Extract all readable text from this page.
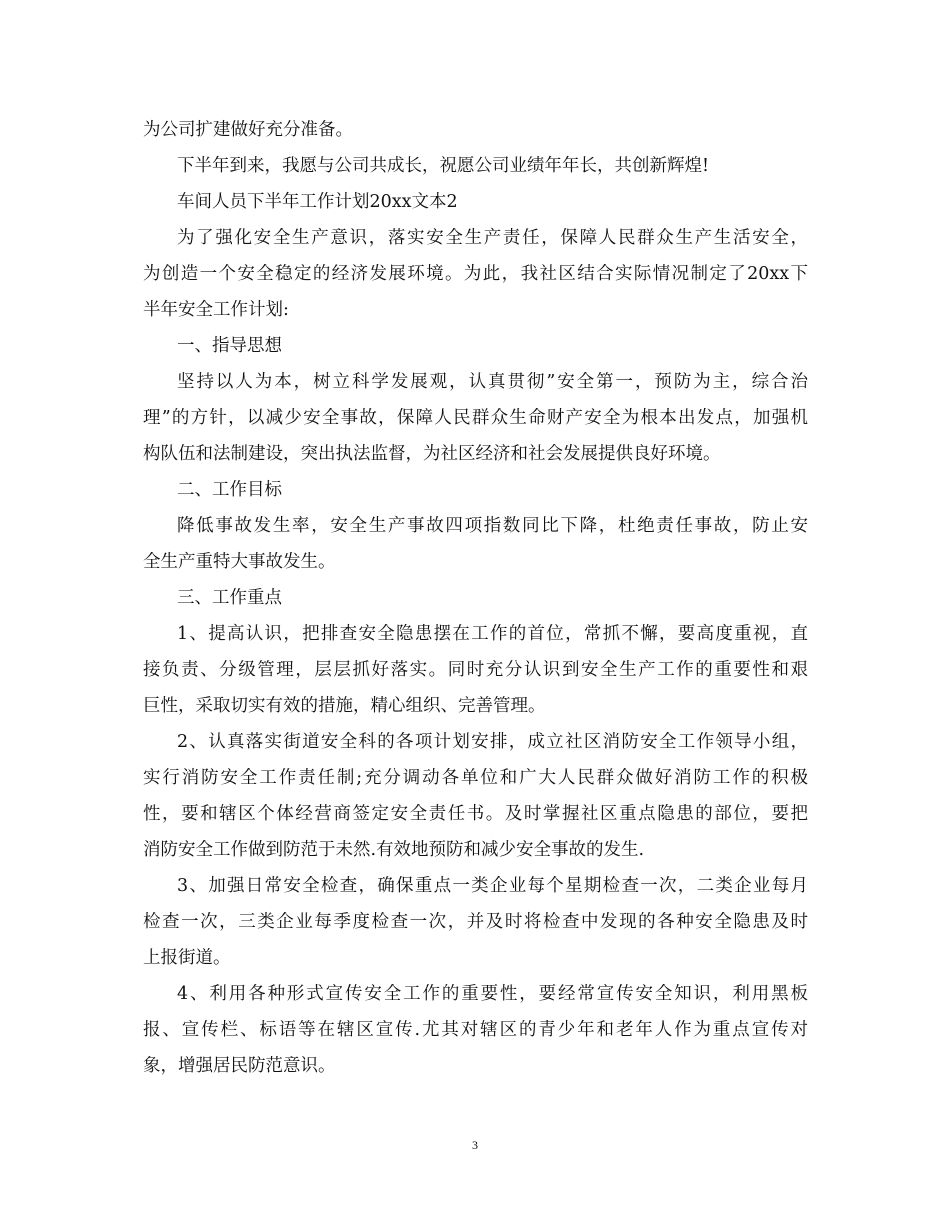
为公司扩建做好充分准备。
下半年到来，我愿与公司共成长，祝愿公司业绩年年长，共创新辉煌!
车间人员下半年工作计划20xx文本2
为了强化安全生产意识，落实安全生产责任，保障人民群众生产生活安全，
为创造一个安全稳定的经济发展环境。为此，我社区结合实际情况制定了20xx下
半年安全工作计划:
一、指导思想
坚持以人为本，树立科学发展观，认真贯彻”安全第一，预防为主，综合治
理”的方针，以减少安全事故，保障人民群众生命财产安全为根本出发点，加强机
构队伍和法制建设，突出执法监督，为社区经济和社会发展提供良好环境。
二、工作目标
降低事故发生率，安全生产事故四项指数同比下降，杜绝责任事故，防止安
全生产重特大事故发生。
三、工作重点
1、提高认识，把排查安全隐患摆在工作的首位，常抓不懈，要高度重视，直
接负责、分级管理，层层抓好落实。同时充分认识到安全生产工作的重要性和艰
巨性，采取切实有效的措施，精心组织、完善管理。
2、认真落实街道安全科的各项计划安排，成立社区消防安全工作领导小组，
实行消防安全工作责任制;充分调动各单位和广大人民群众做好消防工作的积极
性，要和辖区个体经营商签定安全责任书。及时掌握社区重点隐患的部位，要把
消防安全工作做到防范于未然.有效地预防和减少安全事故的发生.
3、加强日常安全检查，确保重点一类企业每个星期检查一次，二类企业每月
检查一次，三类企业每季度检查一次，并及时将检查中发现的各种安全隐患及时
上报街道。
4、利用各种形式宣传安全工作的重要性，要经常宣传安全知识，利用黑板
报、宣传栏、标语等在辖区宣传.尤其对辖区的青少年和老年人作为重点宣传对
象，增强居民防范意识。
3
